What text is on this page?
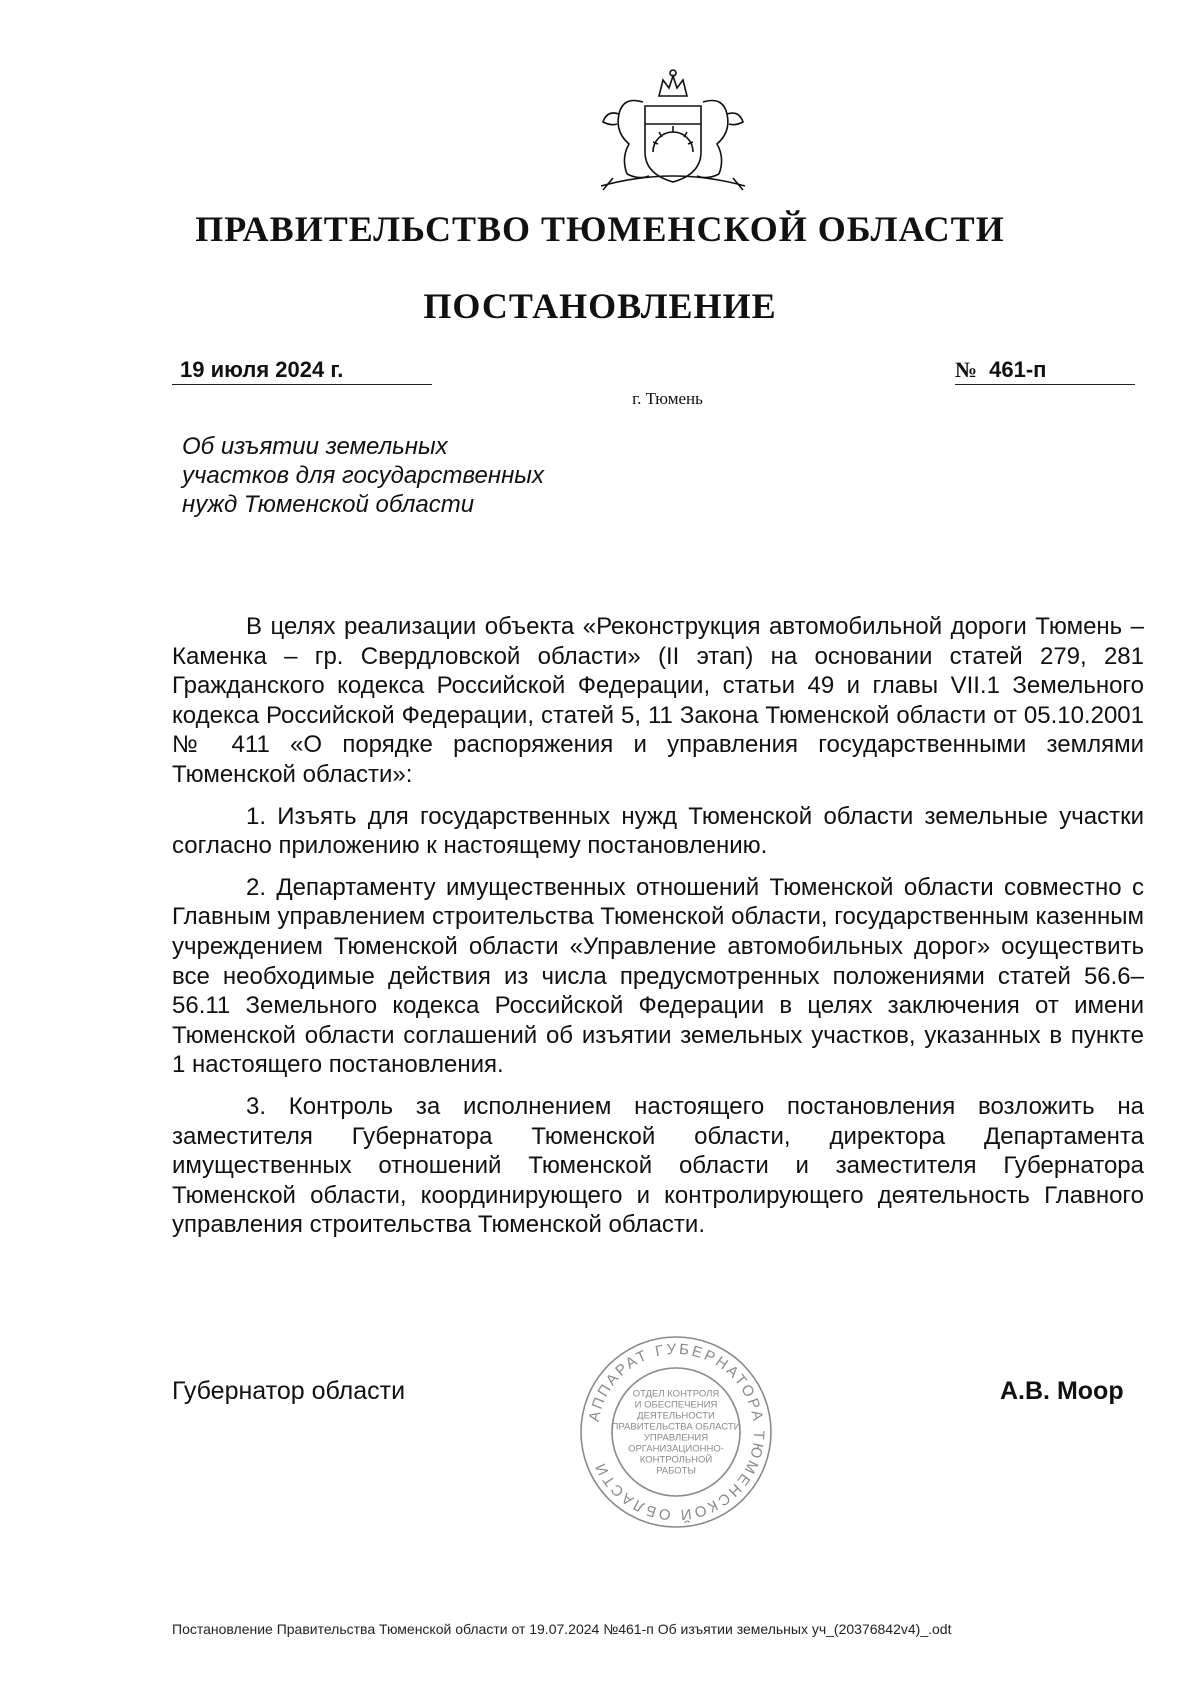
ПРАВИТЕЛЬСТВО ТЮМЕНСКОЙ ОБЛАСТИ
ПОСТАНОВЛЕНИЕ
19 июля 2024 г.	№ 461-п
г. Тюмень
Об изъятии земельных
участков для государственных
нужд Тюменской области

В целях реализации объекта «Реконструкция автомобильной дороги Тюмень – Каменка – гр. Свердловской области» (II этап) на основании статей 279, 281 Гражданского кодекса Российской Федерации, статьи 49 и главы VII.1 Земельного кодекса Российской Федерации, статей 5, 11 Закона Тюменской области от 05.10.2001 № 411 «О порядке распоряжения и управления государственными землями Тюменской области»:

1. Изъять для государственных нужд Тюменской области земельные участки согласно приложению к настоящему постановлению.

2. Департаменту имущественных отношений Тюменской области совместно с Главным управлением строительства Тюменской области, государственным казенным учреждением Тюменской области «Управление автомобильных дорог» осуществить все необходимые действия из числа предусмотренных положениями статей 56.6–56.11 Земельного кодекса Российской Федерации в целях заключения от имени Тюменской области соглашений об изъятии земельных участков, указанных в пункте 1 настоящего постановления.

3. Контроль за исполнением настоящего постановления возложить на заместителя Губернатора Тюменской области, директора Департамента имущественных отношений Тюменской области и заместителя Губернатора Тюменской области, координирующего и контролирующего деятельность Главного управления строительства Тюменской области.

Губернатор области
АППАРАТ ГУБЕРНАТОРА ТЮМЕНСКОЙ ОБЛАСТИ
ОТДЕЛ КОНТРОЛЯ
И ОБЕСПЕЧЕНИЯ
ДЕЯТЕЛЬНОСТИ
ПРАВИТЕЛЬСТВА ОБЛАСТИ
УПРАВЛЕНИЯ
ОРГАНИЗАЦИОННО-
КОНТРОЛЬНОЙ
РАБОТЫ
А.В. Моор
Постановление Правительства Тюменской области от 19.07.2024 №461-п Об изъятии земельных уч_(20376842v4)_.odt
